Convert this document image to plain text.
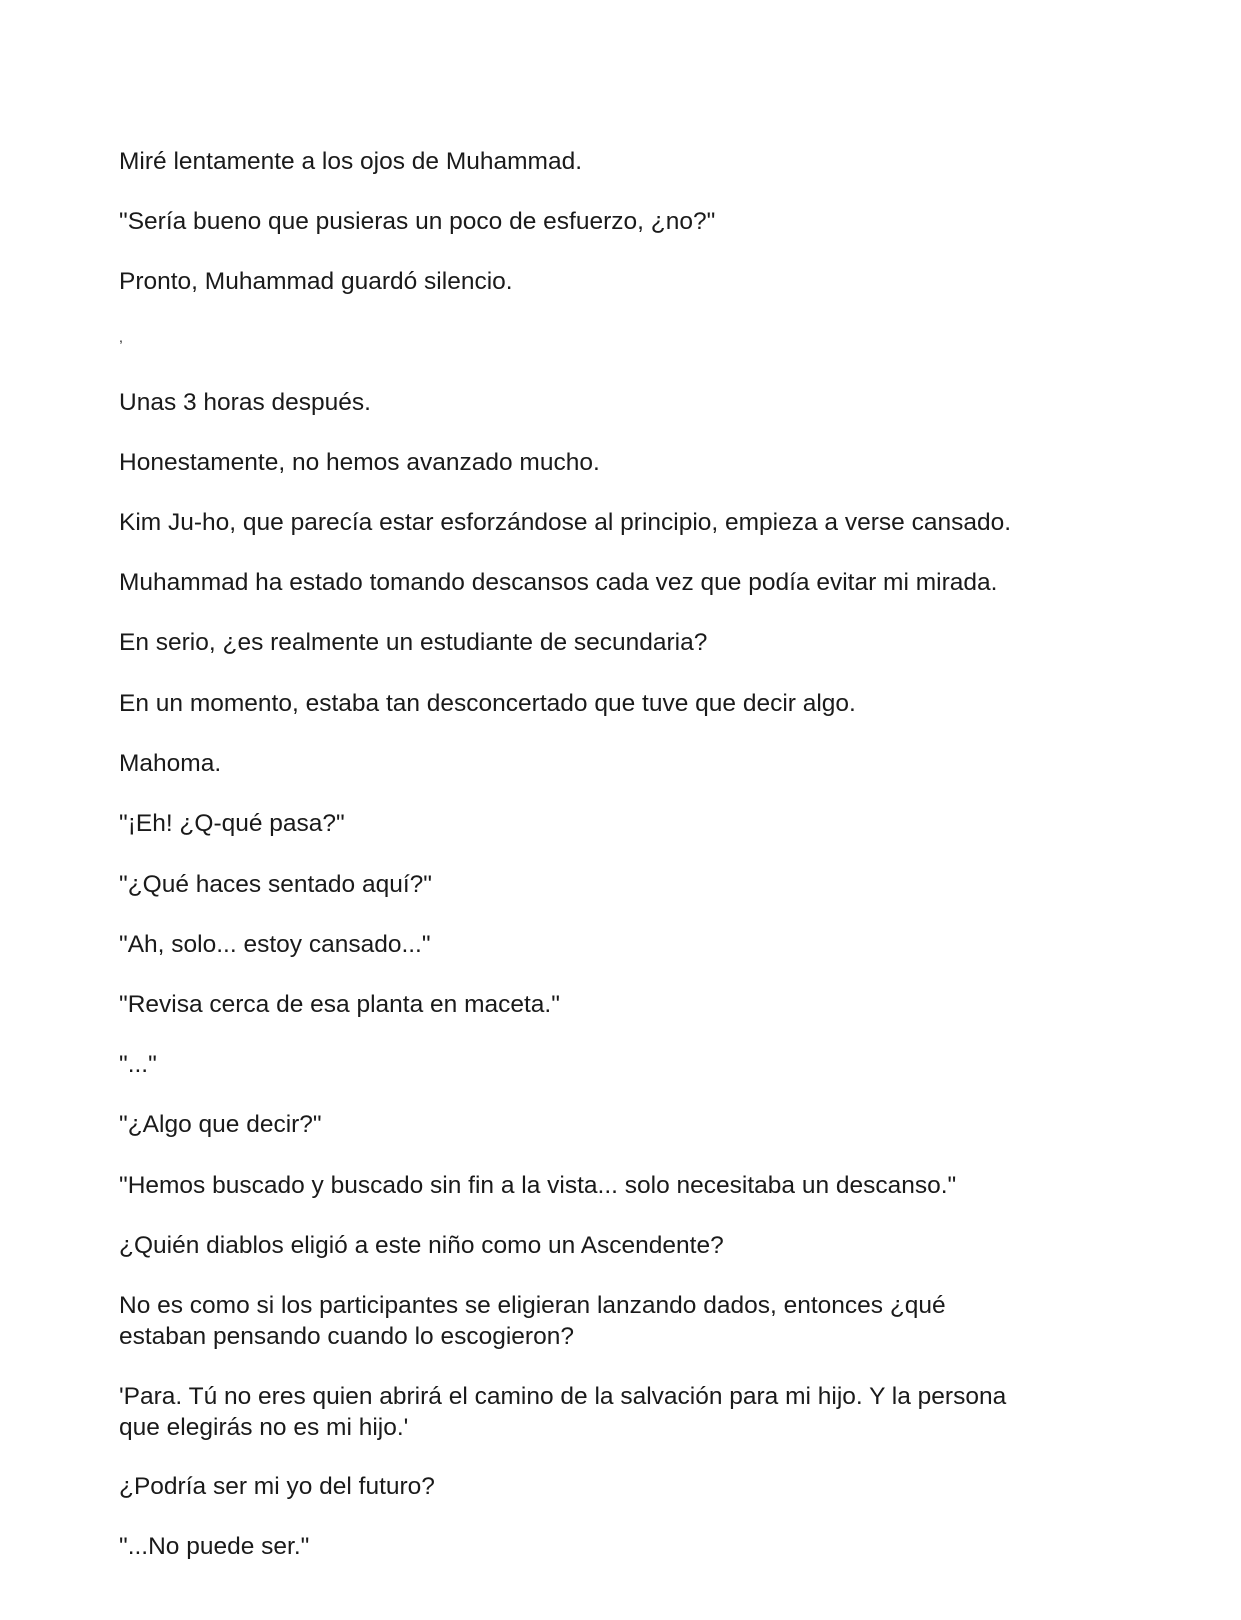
Miré lentamente a los ojos de Muhammad.

"Sería bueno que pusieras un poco de esfuerzo, ¿no?"

Pronto, Muhammad guardó silencio.

,

Unas 3 horas después.

Honestamente, no hemos avanzado mucho.

Kim Ju-ho, que parecía estar esforzándose al principio, empieza a verse cansado.

Muhammad ha estado tomando descansos cada vez que podía evitar mi mirada.

En serio, ¿es realmente un estudiante de secundaria?

En un momento, estaba tan desconcertado que tuve que decir algo.

Mahoma.

"¡Eh! ¿Q-qué pasa?"

"¿Qué haces sentado aquí?"

"Ah, solo... estoy cansado..."

"Revisa cerca de esa planta en maceta."

"..."

"¿Algo que decir?"

"Hemos buscado y buscado sin fin a la vista... solo necesitaba un descanso."

¿Quién diablos eligió a este niño como un Ascendente?

No es como si los participantes se eligieran lanzando dados, entonces ¿qué
estaban pensando cuando lo escogieron?

'Para. Tú no eres quien abrirá el camino de la salvación para mi hijo. Y la persona
que elegirás no es mi hijo.'

¿Podría ser mi yo del futuro?

"...No puede ser."
